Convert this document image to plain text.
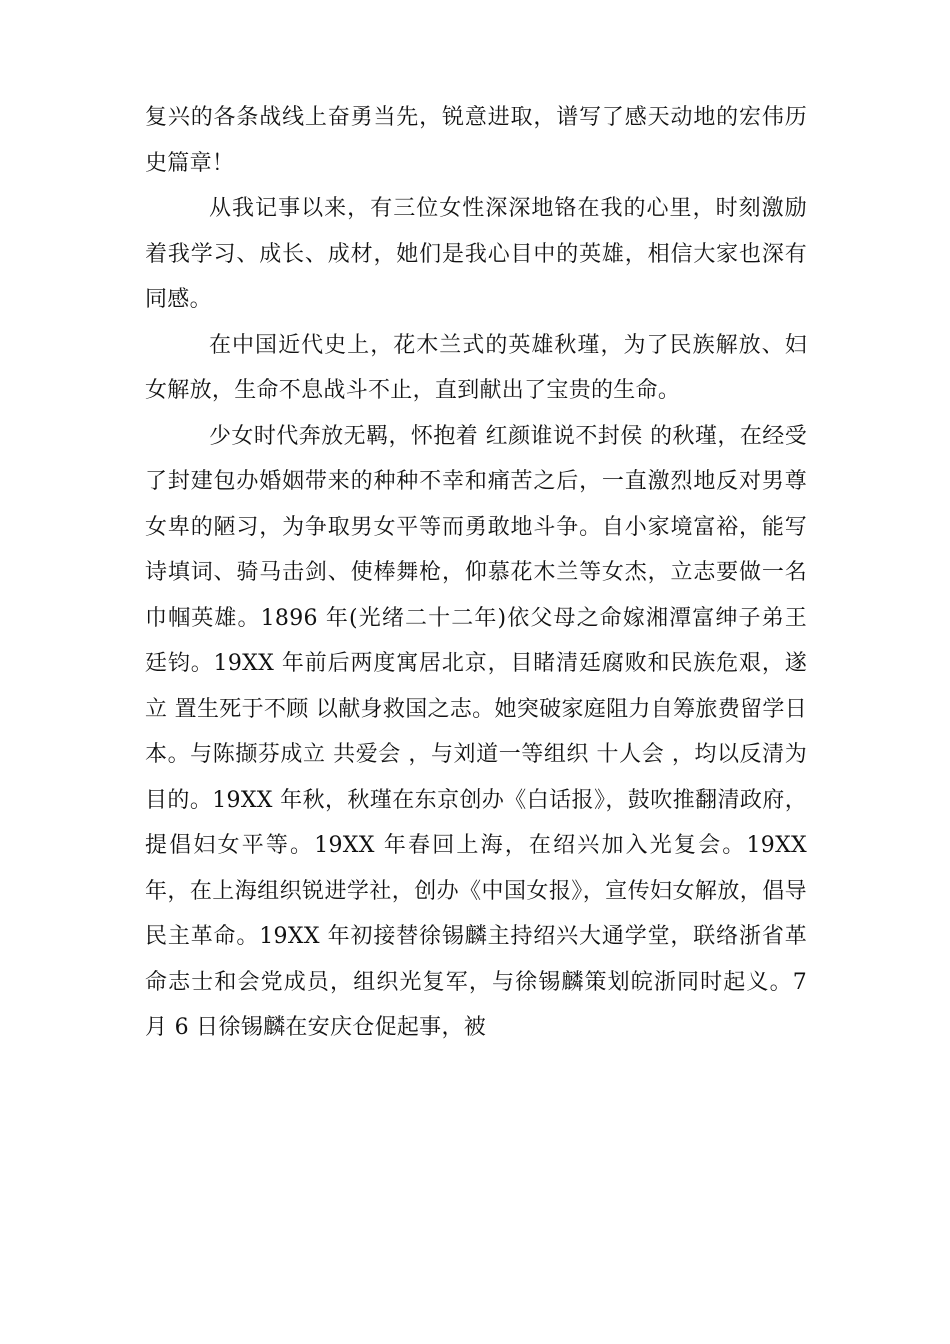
复兴的各条战线上奋勇当先，锐意进取，谱写了感天动地的宏伟历史篇章！

从我记事以来，有三位女性深深地铬在我的心里，时刻激励着我学习、成长、成材，她们是我心目中的英雄，相信大家也深有同感。

在中国近代史上，花木兰式的英雄秋瑾，为了民族解放、妇女解放，生命不息战斗不止，直到献出了宝贵的生命。

少女时代奔放无羁，怀抱着 红颜谁说不封侯 的秋瑾，在经受了封建包办婚姻带来的种种不幸和痛苦之后，一直激烈地反对男尊女卑的陋习，为争取男女平等而勇敢地斗争。自小家境富裕，能写诗填词、骑马击剑、使棒舞枪，仰慕花木兰等女杰，立志要做一名巾帼英雄。1896 年(光绪二十二年)依父母之命嫁湘潭富绅子弟王廷钧。19XX 年前后两度寓居北京，目睹清廷腐败和民族危艰，遂立 置生死于不顾 以献身救国之志。她突破家庭阻力自筹旅费留学日本。与陈撷芬成立 共爱会 ，与刘道一等组织 十人会 ，均以反清为目的。19XX 年秋，秋瑾在东京创办《白话报》，鼓吹推翻清政府，提倡妇女平等。19XX 年春回上海，在绍兴加入光复会。19XX 年，在上海组织锐进学社，创办《中国女报》，宣传妇女解放，倡导民主革命。19XX 年初接替徐锡麟主持绍兴大通学堂，联络浙省革命志士和会党成员，组织光复军，与徐锡麟策划皖浙同时起义。7 月 6 日徐锡麟在安庆仓促起事，被
